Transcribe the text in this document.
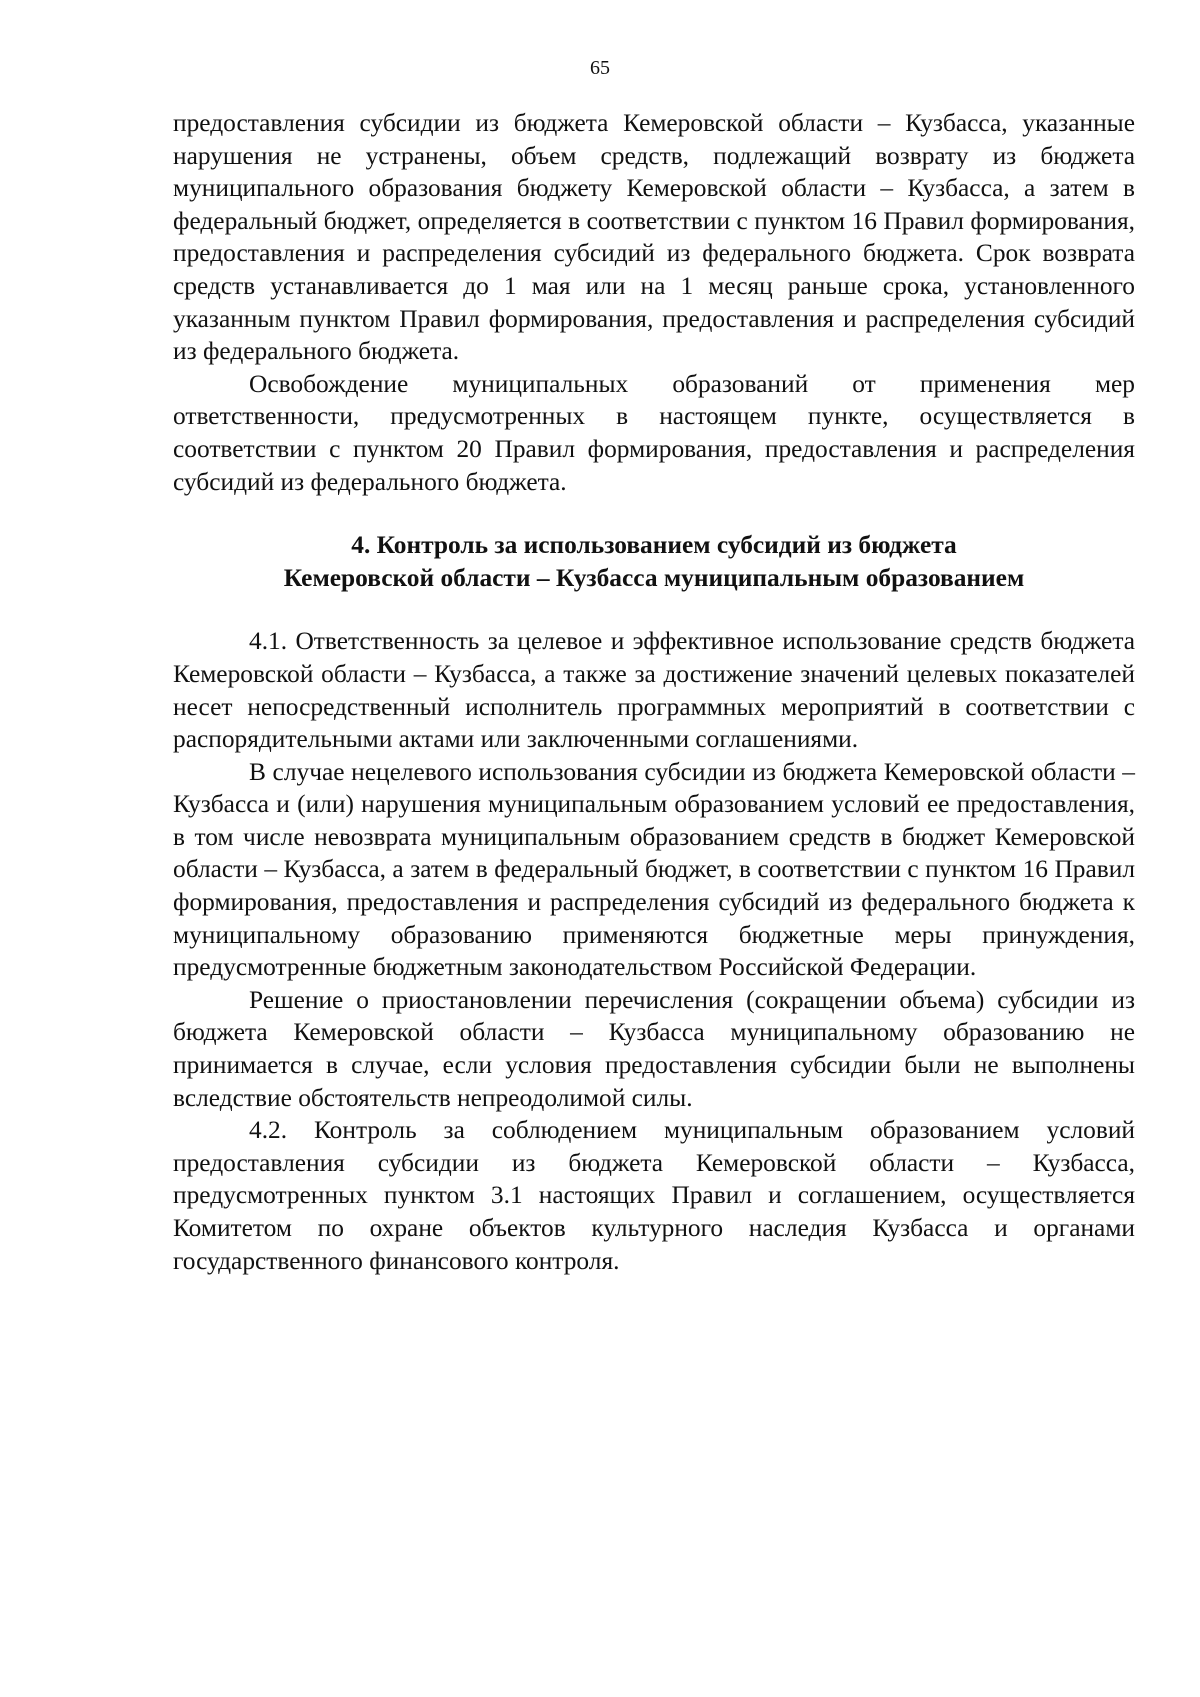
65

предоставления субсидии из бюджета Кемеровской области – Кузбасса, указанные нарушения не устранены, объем средств, подлежащий возврату из бюджета муниципального образования бюджету Кемеровской области – Кузбасса, а затем в федеральный бюджет, определяется в соответствии с пунктом 16 Правил формирования, предоставления и распределения субсидий из федерального бюджета. Срок возврата средств устанавливается до 1 мая или на 1 месяц раньше срока, установленного указанным пунктом Правил формирования, предоставления и распределения субсидий из федерального бюджета.

Освобождение муниципальных образований от применения мер ответственности, предусмотренных в настоящем пункте, осуществляется в соответствии с пунктом 20 Правил формирования, предоставления и распределения субсидий из федерального бюджета.

4. Контроль за использованием субсидий из бюджета
Кемеровской области – Кузбасса муниципальным образованием

4.1. Ответственность за целевое и эффективное использование средств бюджета Кемеровской области – Кузбасса, а также за достижение значений целевых показателей несет непосредственный исполнитель программных мероприятий в соответствии с распорядительными актами или заключенными соглашениями.

В случае нецелевого использования субсидии из бюджета Кемеровской области – Кузбасса и (или) нарушения муниципальным образованием условий ее предоставления, в том числе невозврата муниципальным образованием средств в бюджет Кемеровской области – Кузбасса, а затем в федеральный бюджет, в соответствии с пунктом 16 Правил формирования, предоставления и распределения субсидий из федерального бюджета к муниципальному образованию применяются бюджетные меры принуждения, предусмотренные бюджетным законодательством Российской Федерации.

Решение о приостановлении перечисления (сокращении объема) субсидии из бюджета Кемеровской области – Кузбасса муниципальному образованию не принимается в случае, если условия предоставления субсидии были не выполнены вследствие обстоятельств непреодолимой силы.

4.2. Контроль за соблюдением муниципальным образованием условий предоставления субсидии из бюджета Кемеровской области – Кузбасса, предусмотренных пунктом 3.1 настоящих Правил и соглашением, осуществляется Комитетом по охране объектов культурного наследия Кузбасса и органами государственного финансового контроля.
